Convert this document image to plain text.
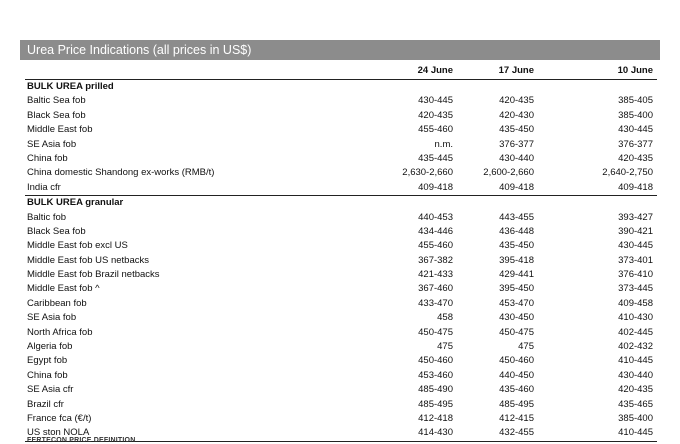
Urea Price Indications (all prices in US$)
24 June	17 June	10 June
BULK UREA prilled
Baltic Sea fob	430-445	420-435	385-405
Black Sea fob	420-435	420-430	385-400
Middle East fob	455-460	435-450	430-445
SE Asia fob	n.m.	376-377	376-377
China fob	435-445	430-440	420-435
China domestic Shandong ex-works (RMB/t)	2,630-2,660	2,600-2,660	2,640-2,750
India cfr	409-418	409-418	409-418
BULK UREA granular
Baltic fob	440-453	443-455	393-427
Black Sea fob	434-446	436-448	390-421
Middle East fob excl US	455-460	435-450	430-445
Middle East fob US netbacks	367-382	395-418	373-401
Middle East fob Brazil netbacks	421-433	429-441	376-410
Middle East fob ^	367-460	395-450	373-445
Caribbean fob	433-470	453-470	409-458
SE Asia fob	458	430-450	410-430
North Africa fob	450-475	450-475	402-445
Algeria fob	475	475	402-432
Egypt fob	450-460	450-460	410-445
China fob	453-460	440-450	430-440
SE Asia cfr	485-490	435-460	420-435
Brazil cfr	485-495	485-495	435-465
France fca (€/t)	412-418	412-415	385-400
US ston NOLA	414-430	432-455	410-445
FERTECON PRICE DEFINITION
